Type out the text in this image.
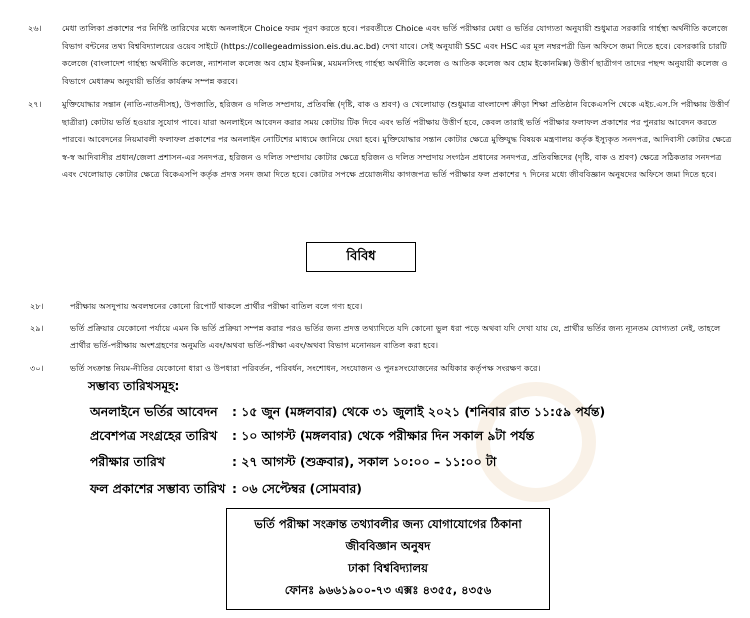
২৬। মেধা তালিকা প্রকাশের পর নির্দিষ্ট তারিখের মধ্যে অনলাইনে Choice ফরম পূরণ করতে হবে। পরবর্তীতে Choice এবং ভর্তি পরীক্ষার মেধা ও ভর্তির যোগ্যতা অনুযায়ী শুধুমাত্র সরকারি গার্হস্থ্য অর্থনীতি কলেজে বিভাগ বন্টনের তথ্য বিশ্ববিদ্যালয়ের ওয়েব সাইটে (https://collegeadmission.eis.du.ac.bd) দেখা যাবে। সেই অনুযায়ী SSC এবং HSC এর মূল নম্বরপত্রী ডিন অফিসে জমা দিতে হবে। বেসরকারি চারটি কলেজে (বাংলাদেশ গার্হস্থ্য অর্থনীতি কলেজ, ন্যাশনাল কলেজ অব হোম ইকনমিক্স, ময়মনসিংহ গার্হস্থ্য অর্থনীতি কলেজ ও আতিক কলেজ অব হোম ইকোনমিক্স) উত্তীর্ণ ছাত্রীগণ তাদের পছন্দ অনুযায়ী কলেজ ও বিভাগে মেধাক্রম অনুযায়ী ভর্তির কার্যক্রম সম্পন্ন করবে।
২৭। মুক্তিযোদ্ধার সন্তান (নাতি-নাতনীসহ), উপজাতি, হরিজন ও দলিত সম্প্রদায়, প্রতিবন্ধি (দৃষ্টি, বাক ও শ্রবণ) ও খেলোয়াড় (শুধুমাত্র বাংলাদেশ ক্রীড়া শিক্ষা প্রতিষ্ঠান বিকেএসপি থেকে এইচ.এস.সি পরীক্ষায় উত্তীর্ণ ছাত্রীরা) কোটায় ভর্তি হওয়ার সুযোগ পাবে। যারা অনলাইনে আবেদন করার সময় কোটায় টিক দিবে এবং ভর্তি পরীক্ষায় উত্তীর্ণ হবে, কেবল তারাই ভর্তি পরীক্ষার ফলাফল প্রকাশের পর পুনরায় আবেদন করতে পারবে। আবেদনের নিয়মাবলী ফলাফল প্রকাশের পর অনলাইন নোটিশের মাধ্যমে জানিয়ে দেয়া হবে। মুক্তিযোদ্ধার সন্তান কোটার ক্ষেত্রে মুক্তিযুদ্ধ বিষয়ক মন্ত্রণালয় কর্তৃক ইস্যুকৃত সনদপত্র, আদিবাসী কোটার ক্ষেত্রে স্ব-স্ব আদিবাসীর প্রধান/জেলা প্রশাসন-এর সনদপত্র, হরিজন ও দলিত সম্প্রদায় কোটার ক্ষেত্রে হরিজন ও দলিত সম্প্রদায় সংগঠন প্রধানের সনদপত্র, প্রতিবন্ধিদের (দৃষ্টি, বাক ও শ্রবণ) ক্ষেত্রে সঠিকতার সনদপত্র এবং খেলোয়াড় কোটার ক্ষেত্রে বিকেএসপি কর্তৃক প্রদত্ত সনদ জমা দিতে হবে। কোটার সপক্ষে প্রয়োজনীয় কাগজপত্র ভর্তি পরীক্ষার ফল প্রকাশের ৭ দিনের মধ্যে জীববিজ্ঞান অনুষদের অফিসে জমা দিতে হবে।
বিবিধ
২৮।	পরীক্ষায় অসদুপায় অবলম্বনের কোনো রিপোর্ট থাকলে প্রার্থীর পরীক্ষা বাতিল বলে গণ্য হবে।
২৯।	ভর্তি প্রক্রিয়ার যেকোনো পর্যায়ে এমন কি ভর্তি প্রক্রিয়া সম্পন্ন করার পরও ভর্তির জন্য প্রদত্ত তথ্যাদিতে যদি কোনো ভুল ধরা পড়ে অথবা যদি দেখা যায় যে, প্রার্থীর ভর্তির জন্য ন্যূনতম যোগ্যতা নেই, তাহলে প্রার্থীর ভর্তি-পরীক্ষায় অংশগ্রহণের অনুমতি এবং/অথবা ভর্তি-পরীক্ষা এবং/অথবা বিভাগ মনোনয়ন বাতিল করা হবে।
৩০।	ভর্তি সংক্রান্ত নিয়ম-নীতির যেকোনো ধারা ও উপধারা পরিবর্তন, পরিবর্ধন, সংশোধন, সংযোজন ও পুনঃসংযোজনের অধিকার কর্তৃপক্ষ সংরক্ষণ করে।
সম্ভাব্য তারিখসমূহ:
অনলাইনে ভর্তির আবেদন : ১৫ জুন (মঙ্গলবার) থেকে ৩১ জুলাই ২০২১ (শনিবার রাত ১১:৫৯ পর্যন্ত)
প্রবেশপত্র সংগ্রহের তারিখ : ১০ আগস্ট (মঙ্গলবার) থেকে পরীক্ষার দিন সকাল ৯টা পর্যন্ত
পরীক্ষার তারিখ	: ২৭ আগস্ট (শুক্রবার), সকাল ১০:০০ – ১১:০০ টা
ফল প্রকাশের সম্ভাব্য তারিখ : ০৬ সেপ্টেম্বর (সোমবার)
ভর্তি পরীক্ষা সংক্রান্ত তথ্যাবলীর জন্য যোগাযোগের ঠিকানা
জীববিজ্ঞান অনুষদ
ঢাকা বিশ্ববিদ্যালয়
ফোনঃ ৯৬৬১৯০০-৭৩ এক্সঃ ৪৩৫৫, ৪৩৫৬
